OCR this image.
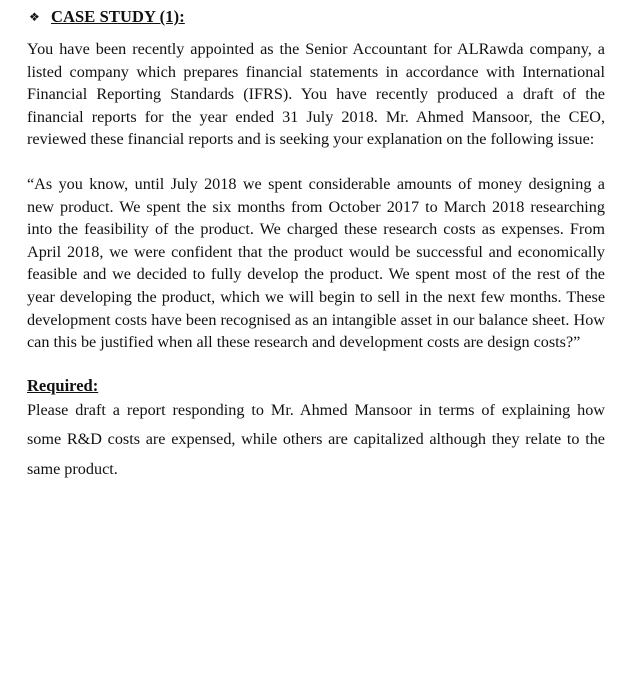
❖ CASE STUDY (1):

You have been recently appointed as the Senior Accountant for ALRawda company, a listed company which prepares financial statements in accordance with International Financial Reporting Standards (IFRS). You have recently produced a draft of the financial reports for the year ended 31 July 2018. Mr. Ahmed Mansoor, the CEO, reviewed these financial reports and is seeking your explanation on the following issue:

“As you know, until July 2018 we spent considerable amounts of money designing a new product. We spent the six months from October 2017 to March 2018 researching into the feasibility of the product. We charged these research costs as expenses. From April 2018, we were confident that the product would be successful and economically feasible and we decided to fully develop the product. We spent most of the rest of the year developing the product, which we will begin to sell in the next few months. These development costs have been recognised as an intangible asset in our balance sheet. How can this be justified when all these research and development costs are design costs?”

Required:

Please draft a report responding to Mr. Ahmed Mansoor in terms of explaining how some R&D costs are expensed, while others are capitalized although they relate to the same product.
